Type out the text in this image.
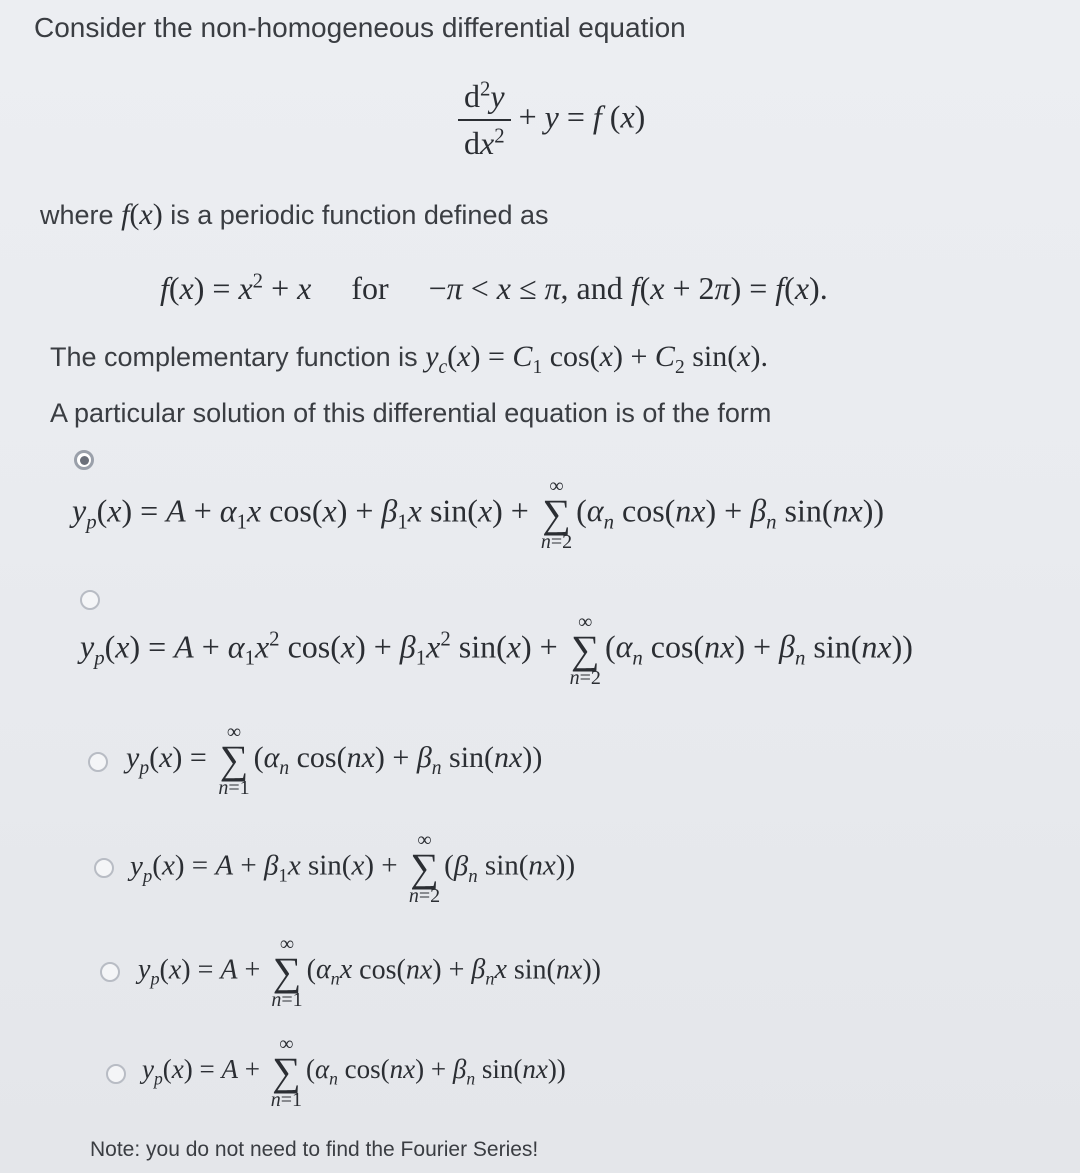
Consider the non-homogeneous differential equation
$\frac{d^2y}{dx^2} + y = f$ (x)
where f(x) is a periodic function defined as
$f(x) = x^2 + x$ for  −π < x ≤ π, and f(x + 2π) = f(x).
The complementary function is $y_c(x) = C_1$ $\cos(x) + C_2$ sin(x).
A particular solution of this differential equation is of the form
$y_p(x) = A + \alpha_1x$ $\cos(x) + \beta_1x$ sin(x) +
∞
∑
n=2
($\alpha_n$ $\cos(nx) + \beta_n$ sin(nx))
$y_p(x) = A + \alpha_1x^2$ $\cos(x) + \beta_1x^2$ sin(x) +
∞
∑
n=2
($\alpha_n$ $\cos(nx) + \beta_n$ sin(nx))
$y_p(x)$ =
∞
∑
n=1
($\alpha_n$ $\cos(nx) + \beta_n$ sin(nx))
$y_p(x) = A + \beta_1x$ sin(x) +
∞
∑
n=2
($\beta_n$ sin(nx))
$y_p(x) = A$ +
∞
∑
n=1
($\alpha_nx$ $\cos(nx) + \beta_nx$ sin(nx))
$y_p(x) = A$ +
∞
∑
n=1
($\alpha_n$ $\cos(nx) + \beta_n$ sin(nx))
Note: you do not need to find the Fourier Series!
